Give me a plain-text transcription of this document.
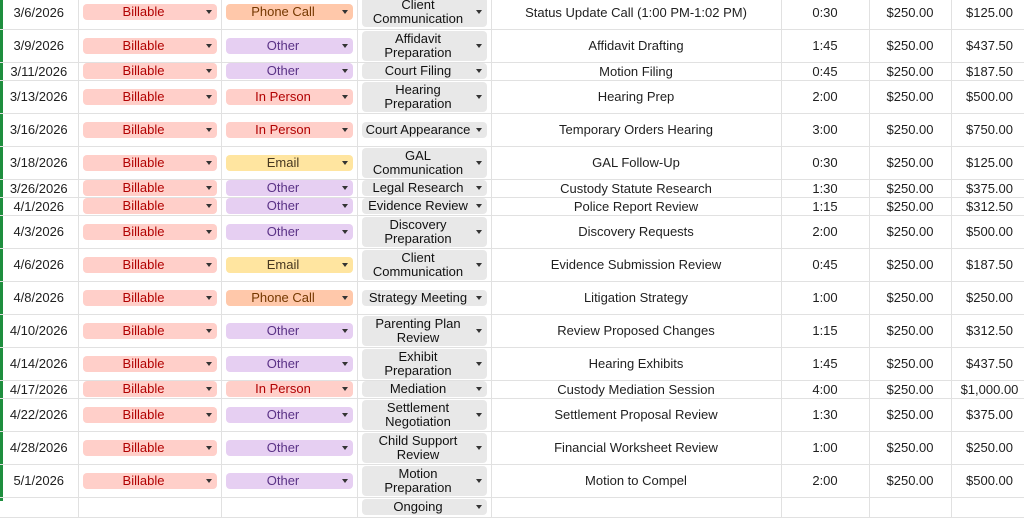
3/6/2026	Billable	Phone Call	Client Communication	Status Update Call (1:00 PM-1:02 PM)	0:30	$250.00	$125.00
3/9/2026	Billable	Other	Affidavit Preparation	Affidavit Drafting	1:45	$250.00	$437.50
3/11/2026	Billable	Other	Court Filing	Motion Filing	0:45	$250.00	$187.50
3/13/2026	Billable	In Person	Hearing Preparation	Hearing Prep	2:00	$250.00	$500.00
3/16/2026	Billable	In Person	Court Appearance	Temporary Orders Hearing	3:00	$250.00	$750.00
3/18/2026	Billable	Email	GAL Communication	GAL Follow-Up	0:30	$250.00	$125.00
3/26/2026	Billable	Other	Legal Research	Custody Statute Research	1:30	$250.00	$375.00
4/1/2026	Billable	Other	Evidence Review	Police Report Review	1:15	$250.00	$312.50
4/3/2026	Billable	Other	Discovery Preparation	Discovery Requests	2:00	$250.00	$500.00
4/6/2026	Billable	Email	Client Communication	Evidence Submission Review	0:45	$250.00	$187.50
4/8/2026	Billable	Phone Call	Strategy Meeting	Litigation Strategy	1:00	$250.00	$250.00
4/10/2026	Billable	Other	Parenting Plan Review	Review Proposed Changes	1:15	$250.00	$312.50
4/14/2026	Billable	Other	Exhibit Preparation	Hearing Exhibits	1:45	$250.00	$437.50
4/17/2026	Billable	In Person	Mediation	Custody Mediation Session	4:00	$250.00	$1,000.00
4/22/2026	Billable	Other	Settlement Negotiation	Settlement Proposal Review	1:30	$250.00	$375.00
4/28/2026	Billable	Other	Child Support Review	Financial Worksheet Review	1:00	$250.00	$250.00
5/1/2026	Billable	Other	Motion Preparation	Motion to Compel	2:00	$250.00	$500.00

			Ongoing				
